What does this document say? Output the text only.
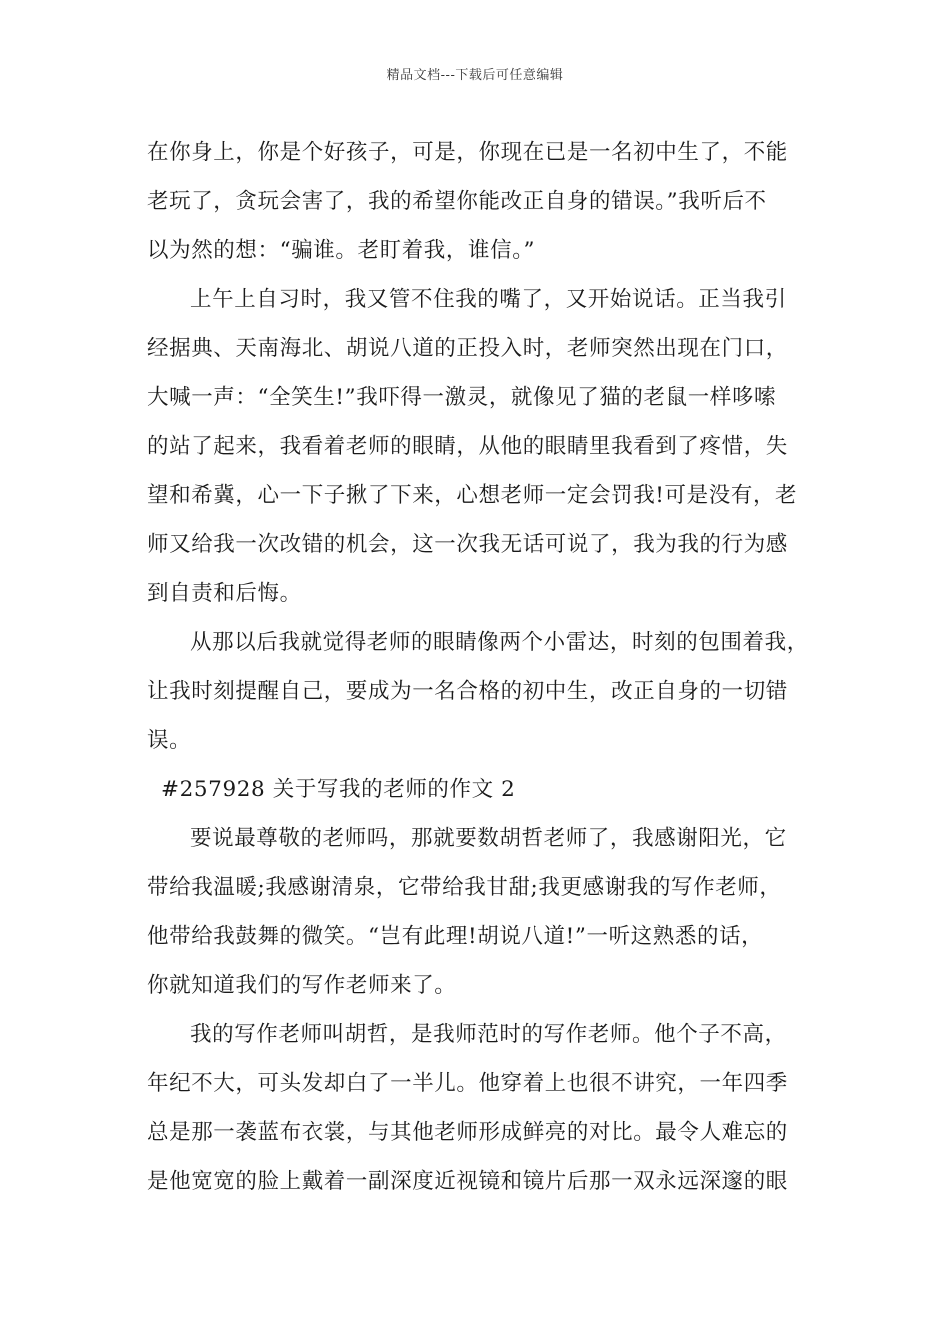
精品文档---下载后可任意编辑
在你身上，你是个好孩子，可是，你现在已是一名初中生了，不能
老玩了，贪玩会害了，我的希望你能改正自身的错误。”我听后不
以为然的想：“骗谁。老盯着我，谁信。”
上午上自习时，我又管不住我的嘴了，又开始说话。正当我引
经据典、天南海北、胡说八道的正投入时，老师突然出现在门口，
大喊一声：“全笑生!”我吓得一激灵，就像见了猫的老鼠一样哆嗦
的站了起来，我看着老师的眼睛，从他的眼睛里我看到了疼惜，失
望和希冀，心一下子揪了下来，心想老师一定会罚我!可是没有，老
师又给我一次改错的机会，这一次我无话可说了，我为我的行为感
到自责和后悔。
从那以后我就觉得老师的眼睛像两个小雷达，时刻的包围着我，
让我时刻提醒自己，要成为一名合格的初中生，改正自身的一切错
误。
#257928 关于写我的老师的作文 2
要说最尊敬的老师吗，那就要数胡哲老师了，我感谢阳光，它
带给我温暖;我感谢清泉，它带给我甘甜;我更感谢我的写作老师，
他带给我鼓舞的微笑。“岂有此理!胡说八道!”一听这熟悉的话，
你就知道我们的写作老师来了。
我的写作老师叫胡哲，是我师范时的写作老师。他个子不高，
年纪不大，可头发却白了一半儿。他穿着上也很不讲究，一年四季
总是那一袭蓝布衣裳，与其他老师形成鲜亮的对比。最令人难忘的
是他宽宽的脸上戴着一副深度近视镜和镜片后那一双永远深邃的眼
